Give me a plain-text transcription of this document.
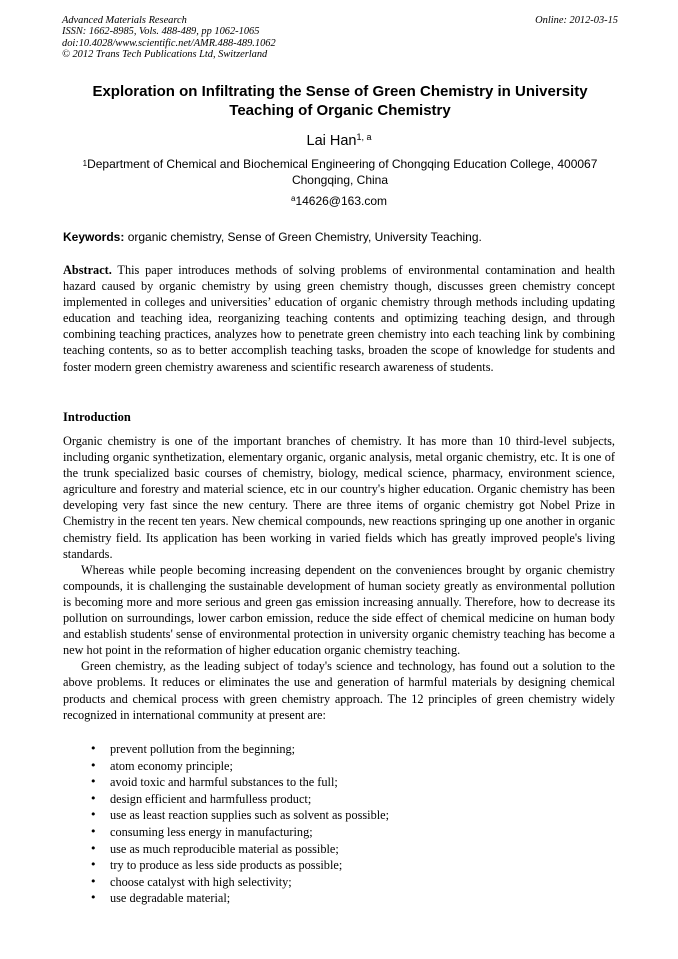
Advanced Materials Research
ISSN: 1662-8985, Vols. 488-489, pp 1062-1065
doi:10.4028/www.scientific.net/AMR.488-489.1062
© 2012 Trans Tech Publications Ltd, Switzerland
Online: 2012-03-15
Exploration on Infiltrating the Sense of Green Chemistry in University Teaching of Organic Chemistry
Lai Han$^{1, a}$
$^1$Department of Chemical and Biochemical Engineering of Chongqing Education College, 400067 Chongqing, China
$^a$14626@163.com
Keywords: organic chemistry, Sense of Green Chemistry, University Teaching.
Abstract. This paper introduces methods of solving problems of environmental contamination and health hazard caused by organic chemistry by using green chemistry though, discusses green chemistry concept implemented in colleges and universities’ education of organic chemistry through methods including updating education and teaching idea, reorganizing teaching contents and optimizing teaching design, and through combining teaching practices, analyzes how to penetrate green chemistry into each teaching link by combining teaching contents, so as to better accomplish teaching tasks, broaden the scope of knowledge for students and foster modern green chemistry awareness and scientific research awareness of students.
Introduction

Organic chemistry is one of the important branches of chemistry. It has more than 10 third-level subjects, including organic synthetization, elementary organic, organic analysis, metal organic chemistry, etc. It is one of the trunk specialized basic courses of chemistry, biology, medical science, pharmacy, environment science, agriculture and forestry and material science, etc in our country's higher education. Organic chemistry has been developing very fast since the new century. There are three items of organic chemistry got Nobel Prize in Chemistry in the recent ten years. New chemical compounds, new reactions springing up one another in organic chemistry field. Its application has been working in varied fields which has greatly improved people's living standards.

Whereas while people becoming increasing dependent on the conveniences brought by organic chemistry compounds, it is challenging the sustainable development of human society greatly as environmental pollution is becoming more and more serious and green gas emission increasing annually. Therefore, how to decrease its pollution on surroundings, lower carbon emission, reduce the side effect of chemical medicine on human body and establish students' sense of environmental protection in university organic chemistry teaching has become a new hot point in the reformation of higher education organic chemistry teaching.

Green chemistry, as the leading subject of today's science and technology, has found out a solution to the above problems. It reduces or eliminates the use and generation of harmful materials by designing chemical products and chemical process with green chemistry approach. The 12 principles of green chemistry widely recognized in international community at present are:

• prevent pollution from the beginning;
• atom economy principle;
• avoid toxic and harmful substances to the full;
• design efficient and harmfulless product;
• use as least reaction supplies such as solvent as possible;
• consuming less energy in manufacturing;
• use as much reproducible material as possible;
• try to produce as less side products as possible;
• choose catalyst with high selectivity;
• use degradable material;
